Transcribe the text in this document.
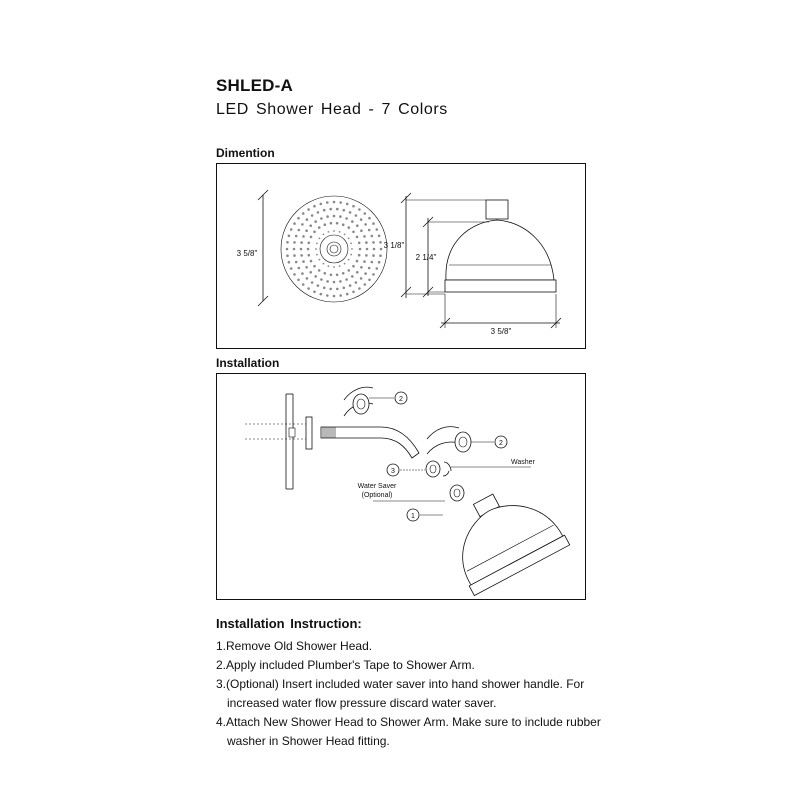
SHLED-A
LED Shower Head - 7 Colors
Dimention
3 5/8"
3 1/8"
2 1/4"
3 5/8"
Installation
2
2
3
1
Washer
Water Saver
(Optional)
Installation Instruction:
1.Remove Old Shower Head.
2.Apply included Plumber's Tape to Shower Arm.
3.(Optional) Insert included water saver into hand shower handle. For increased water flow pressure discard water saver.
4.Attach New Shower Head to Shower Arm. Make sure to include rubber washer in Shower Head fitting.
